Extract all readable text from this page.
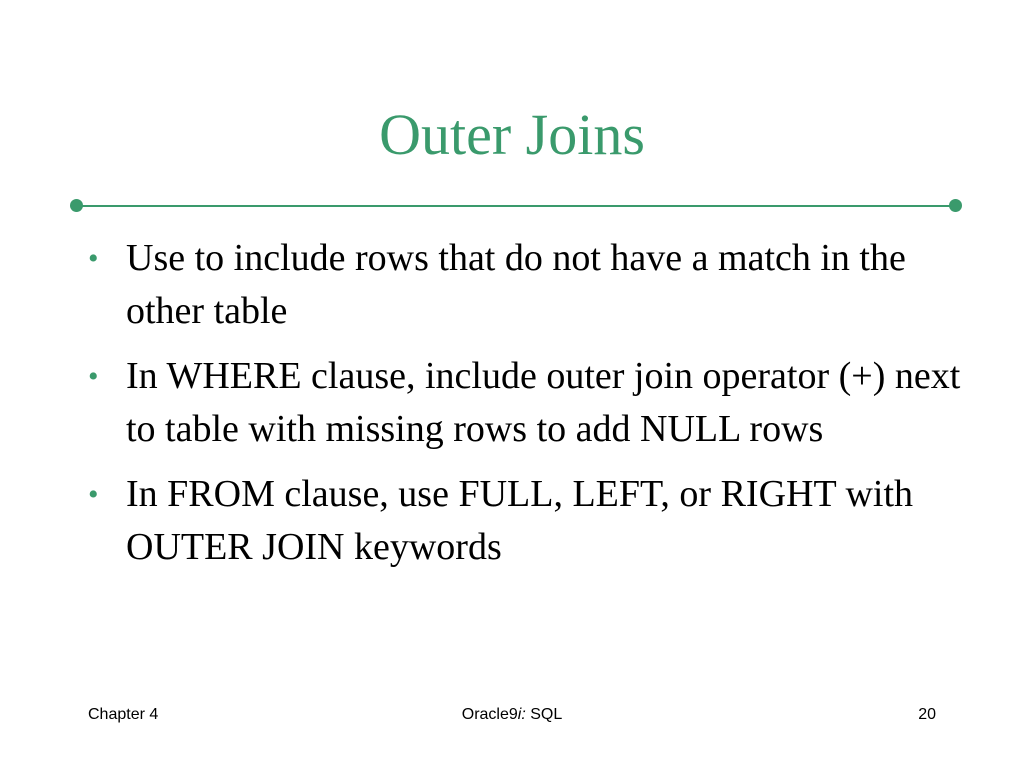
Outer Joins
• Use to include rows that do not have a match in the other table
• In WHERE clause, include outer join operator (+) next to table with missing rows to add NULL rows
• In FROM clause, use FULL, LEFT, or RIGHT with OUTER JOIN keywords
Chapter 4	Oracle9i: SQL	20
